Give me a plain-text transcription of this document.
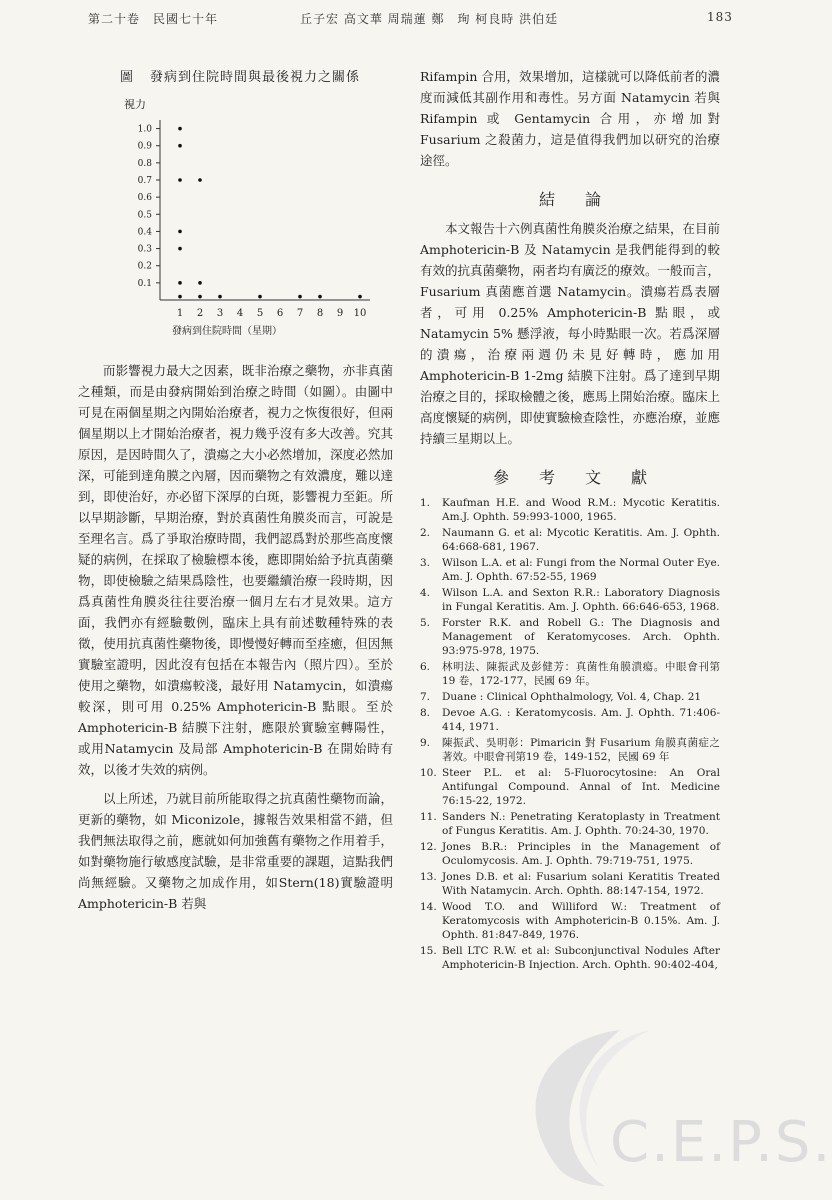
第二十卷　民國七十年	丘子宏 高文華 周瑞蓮 鄭　珣 柯良時 洪伯廷	183
圖 發病到住院時間與最後視力之關係
視力
1.0
0.9
0.8
0.7
0.6
0.5
0.4
0.3
0.2
0.1
1 2 3 4 5 6 7 8 9 10
發病到住院時間（星期）

而影響視力最大之因素，既非治療之藥物，亦非真菌之種類，而是由發病開始到治療之時間（如圖）。由圖中可見在兩個星期之內開始治療者，視力之恢復很好，但兩個星期以上才開始治療者，視力幾乎沒有多大改善。究其原因，是因時間久了，潰瘍之大小必然增加，深度必然加深，可能到達角膜之內層，因而藥物之有效濃度，難以達到，即使治好，亦必留下深厚的白斑，影響視力至鉅。所以早期診斷，早期治療，對於真菌性角膜炎而言，可說是至理名言。爲了爭取治療時間，我們認爲對於那些高度懷疑的病例，在採取了檢驗標本後，應即開始給予抗真菌藥物，即使檢驗之結果爲陰性，也要繼續治療一段時期，因爲真菌性角膜炎往往要治療一個月左右才見效果。這方面，我們亦有經驗數例，臨床上具有前述數種特殊的表徵，使用抗真菌性藥物後，即慢慢好轉而至痊癒，但因無實驗室證明，因此沒有包括在本報告內（照片四）。至於使用之藥物，如潰瘍較淺，最好用 Natamycin，如潰瘍較深，則可用 0.25% Amphotericin-B 點眼。至於 Amphotericin-B 結膜下注射，應限於實驗室轉陽性，或用Natamycin 及局部 Amphotericin-B 在開始時有效，以後才失效的病例。

以上所述，乃就目前所能取得之抗真菌性藥物而論，更新的藥物，如 Miconizole，據報告效果相當不錯，但我們無法取得之前，應就如何加強舊有藥物之作用着手，如對藥物施行敏感度試驗，是非常重要的課題，這點我們尚無經驗。又藥物之加成作用，如Stern(18)實驗證明 Amphotericin-B 若與

Rifampin 合用，效果增加，這樣就可以降低前者的濃度而減低其副作用和毒性。另方面 Natamycin 若與 Rifampin 或 Gentamycin 合用，亦增加對 Fusarium 之殺菌力，這是值得我們加以研究的治療途徑。

結論

本文報告十六例真菌性角膜炎治療之結果，在目前 Amphotericin-B 及 Natamycin 是我們能得到的較有效的抗真菌藥物，兩者均有廣泛的療效。一般而言，Fusarium 真菌應首選 Natamycin。潰瘍若爲表層者，可用 0.25% Amphotericin-B 點眼，或 Natamycin 5% 懸浮液，每小時點眼一次。若爲深層的潰瘍，治療兩週仍未見好轉時，應加用Amphotericin-B 1-2mg 結膜下注射。爲了達到早期治療之目的，採取檢體之後，應馬上開始治療。臨床上高度懷疑的病例，即使實驗檢查陰性，亦應治療，並應持續三星期以上。

參考文獻
1. Kaufman H.E. and Wood R.M.: Mycotic Keratitis. Am.J. Ophth. 59:993-1000, 1965.
2. Naumann G. et al: Mycotic Keratitis. Am. J. Ophth. 64:668-681, 1967.
3. Wilson L.A. et al: Fungi from the Normal Outer Eye. Am. J. Ophth. 67:52-55, 1969
4. Wilson L.A. and Sexton R.R.: Laboratory Diagnosis in Fungal Keratitis. Am. J. Ophth. 66:646-653, 1968.
5. Forster R.K. and Robell G.: The Diagnosis and Management of Keratomycoses. Arch. Ophth. 93:975-978, 1975.
6. 林明法、陳振武及彭健芳：真菌性角膜潰瘍。中眼會刊第 19 卷，172-177，民國 69 年。
7. Duane : Clinical Ophthalmology, Vol. 4, Chap. 21
8. Devoe A.G. : Keratomycosis. Am. J. Ophth. 71:406-414, 1971.
9. 陳振武、吳明彰：Pimaricin 對 Fusarium 角膜真菌症之著效。中眼會刊第19 卷，149-152，民國 69 年
10. Steer P.L. et al: 5-Fluorocytosine: An Oral Antifungal Compound. Annal of Int. Medicine 76:15-22, 1972.
11. Sanders N.: Penetrating Keratoplasty in Treatment of Fungus Keratitis. Am. J. Ophth. 70:24-30, 1970.
12. Jones B.R.: Principles in the Management of Oculomycosis. Am. J. Ophth. 79:719-751, 1975.
13. Jones D.B. et al: Fusarium solani Keratitis Treated With Natamycin. Arch. Ophth. 88:147-154, 1972.
14. Wood T.O. and Williford W.: Treatment of Keratomycosis with Amphotericin-B 0.15%. Am. J. Ophth. 81:847-849, 1976.
15. Bell LTC R.W. et al: Subconjunctival Nodules After Amphotericin-B Injection. Arch. Ophth. 90:402-404,
C.E.P.S.
